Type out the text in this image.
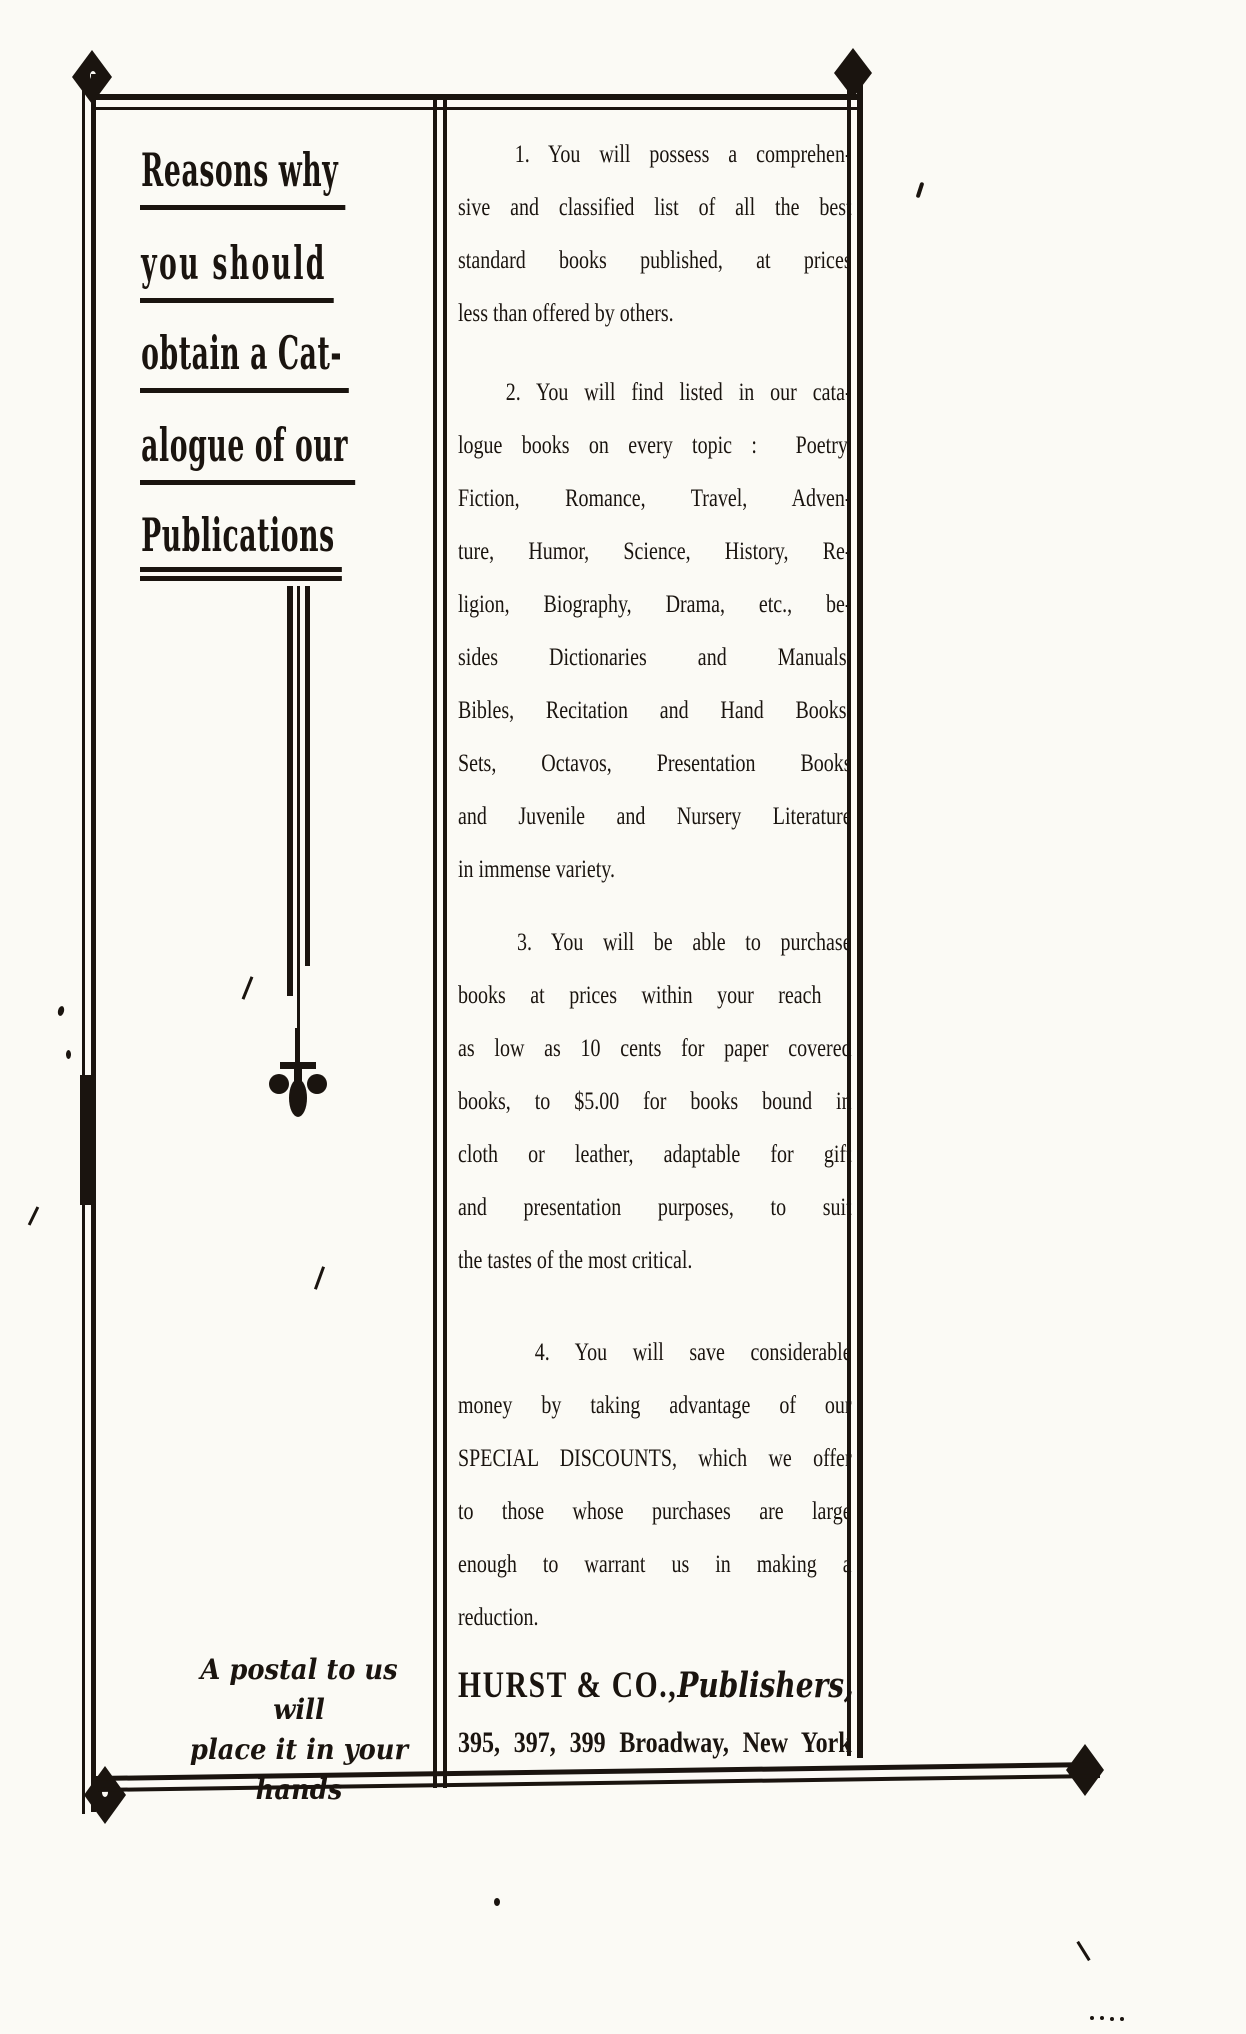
Reasons why
you should
obtain a Cat-
alogue of our
Publications
A postal to us will
place it in your
hands
1. You will possess a comprehen-
sive and classified list of all the best
standard books published, at prices
less than offered by others.
2. You will find listed in our cata-
logue books on every topic :  Poetry,
Fiction, Romance, Travel, Adven-
ture, Humor, Science, History, Re-
ligion, Biography, Drama, etc., be-
sides Dictionaries and Manuals,
Bibles, Recitation and Hand Books,
Sets, Octavos, Presentation Books
and Juvenile and Nursery Literature
in immense variety.
3. You will be able to purchase
books at prices within your reach ;
as low as 10 cents for paper covered
books, to $5.00 for books bound in
cloth or leather, adaptable for gift
and presentation purposes, to suit
the tastes of the most critical.
4. You will save considerable
money by taking advantage of our
SPECIAL DISCOUNTS, which we offer
to those whose purchases are large
enough to warrant us in making a
reduction.
HURST & CO., Publishers,
395, 397, 399 Broadway, New York
